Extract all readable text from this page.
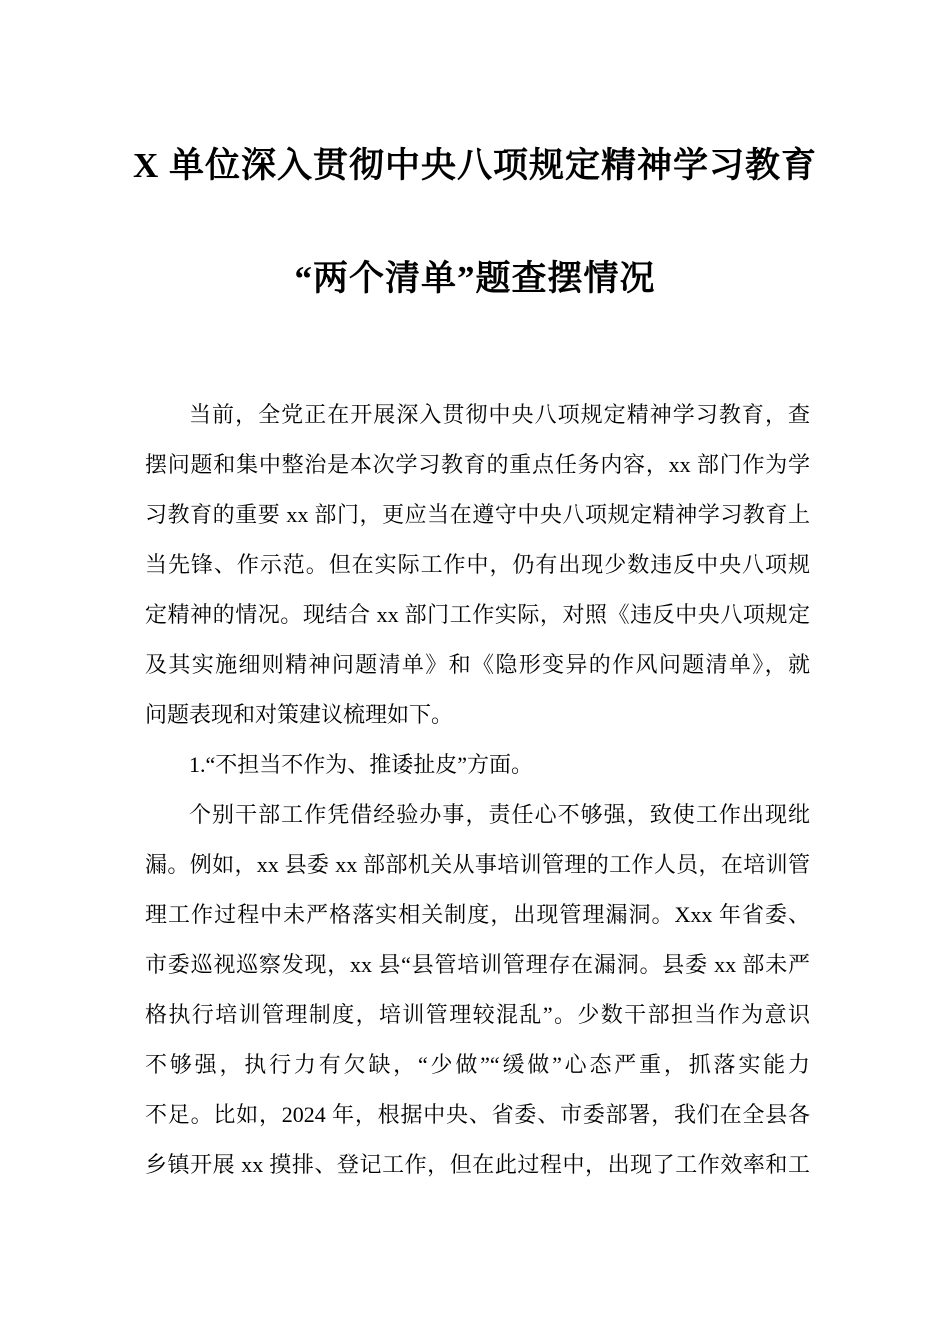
X 单位深入贯彻中央八项规定精神学习教育
“两个清单”题查摆情况
当前，全党正在开展深入贯彻中央八项规定精神学习教育，查
摆问题和集中整治是本次学习教育的重点任务内容，xx 部门作为学
习教育的重要 xx 部门，更应当在遵守中央八项规定精神学习教育上
当先锋、作示范。但在实际工作中，仍有出现少数违反中央八项规
定精神的情况。现结合 xx 部门工作实际，对照《违反中央八项规定
及其实施细则精神问题清单》和《隐形变异的作风问题清单》，就
问题表现和对策建议梳理如下。
1.“不担当不作为、推诿扯皮”方面。
个别干部工作凭借经验办事，责任心不够强，致使工作出现纰
漏。例如，xx 县委 xx 部部机关从事培训管理的工作人员，在培训管
理工作过程中未严格落实相关制度，出现管理漏洞。Xxx 年省委、
市委巡视巡察发现，xx 县“县管培训管理存在漏洞。县委 xx 部未严
格执行培训管理制度，培训管理较混乱”。少数干部担当作为意识
不够强，执行力有欠缺，“少做”“缓做”心态严重，抓落实能力
不足。比如，2024 年，根据中央、省委、市委部署，我们在全县各
乡镇开展 xx 摸排、登记工作，但在此过程中，出现了工作效率和工
